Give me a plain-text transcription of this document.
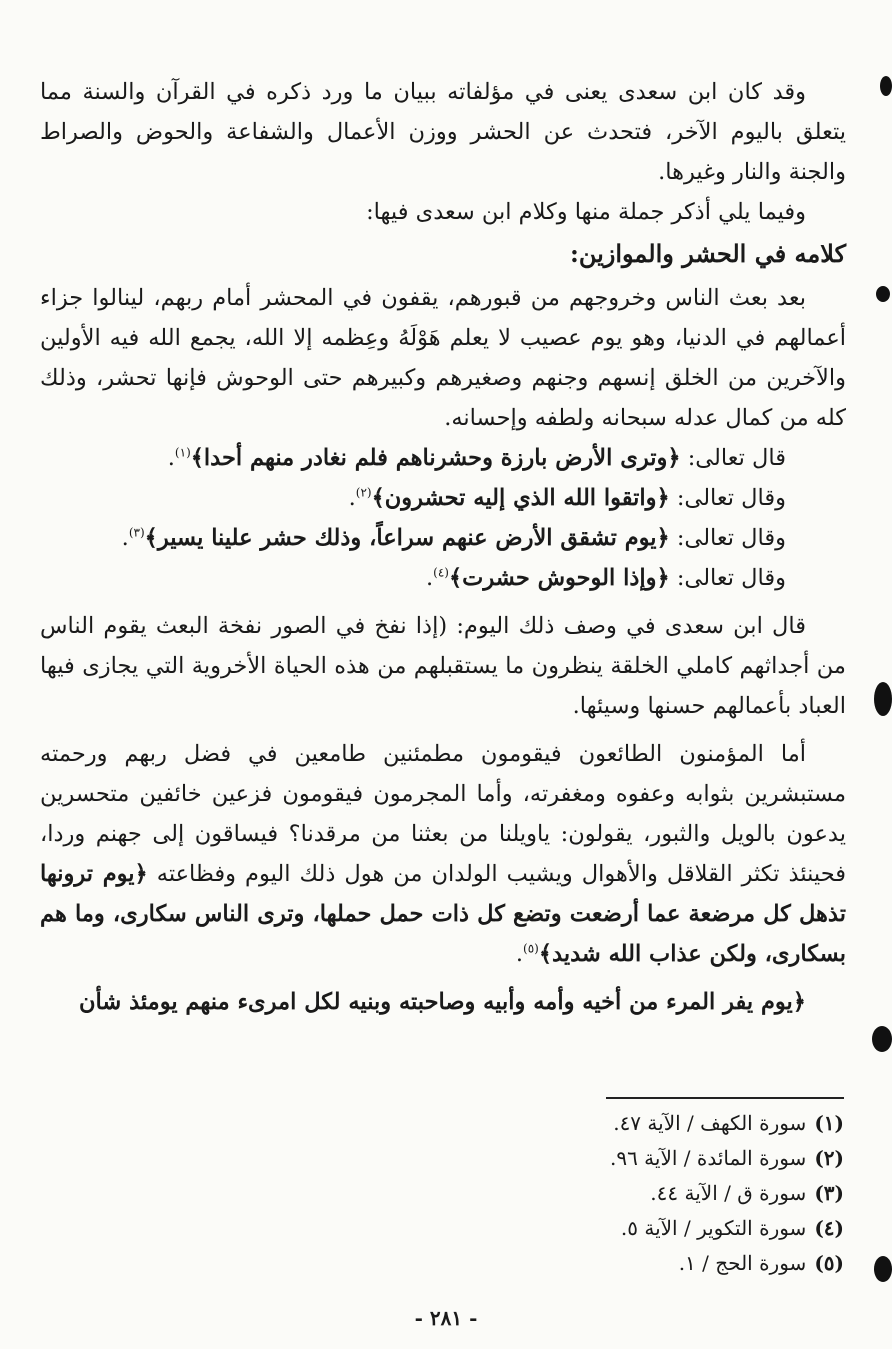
وقد كان ابن سعدى يعنى في مؤلفاته ببيان ما ورد ذكره في القرآن والسنة مما يتعلق باليوم الآخر، فتحدث عن الحشر ووزن الأعمال والشفاعة والحوض والصراط والجنة والنار وغيرها.

وفيما يلي أذكر جملة منها وكلام ابن سعدى فيها:

كلامه في الحشر والموازين:

بعد بعث الناس وخروجهم من قبورهم، يقفون في المحشر أمام ربهم، لينالوا جزاء أعمالهم في الدنيا، وهو يوم عصيب لا يعلم هَوْلَهُ وعِظمه إلا الله، يجمع الله فيه الأولين والآخرين من الخلق إنسهم وجنهم وصغيرهم وكبيرهم حتى الوحوش فإنها تحشر، وذلك كله من كمال عدله سبحانه ولطفه وإحسانه.

قال تعالى: ﴿وترى الأرض بارزة وحشرناهم فلم نغادر منهم أحدا﴾$^{(١)}$.

وقال تعالى: ﴿واتقوا الله الذي إليه تحشرون﴾$^{(٢)}$.

وقال تعالى: ﴿يوم تشقق الأرض عنهم سراعاً، وذلك حشر علينا يسير﴾$^{(٣)}$.

وقال تعالى: ﴿وإذا الوحوش حشرت﴾$^{(٤)}$.

قال ابن سعدى في وصف ذلك اليوم: (إذا نفخ في الصور نفخة البعث يقوم الناس من أجداثهم كاملي الخلقة ينظرون ما يستقبلهم من هذه الحياة الأخروية التي يجازى فيها العباد بأعمالهم حسنها وسيئها.

أما المؤمنون الطائعون فيقومون مطمئنين طامعين في فضل ربهم ورحمته مستبشرين بثوابه وعفوه ومغفرته، وأما المجرمون فيقومون فزعين خائفين متحسرين يدعون بالويل والثبور، يقولون: ياويلنا من بعثنا من مرقدنا؟ فيساقون إلى جهنم وردا، فحينئذ تكثر القلاقل والأهوال ويشيب الولدان من هول ذلك اليوم وفظاعته ﴿يوم ترونها تذهل كل مرضعة عما أرضعت وتضع كل ذات حمل حملها، وترى الناس سكارى، وما هم بسكارى، ولكن عذاب الله شديد﴾$^{(٥)}$.

﴿يوم يفر المرء من أخيه وأمه وأبيه وصاحبته وبنيه لكل امرىء منهم يومئذ شأن

(١)سورة الكهف / الآية ٤٧.
(٢)سورة المائدة / الآية ٩٦.
(٣)سورة ق / الآية ٤٤.
(٤)سورة التكوير / الآية ٥.
(٥)سورة الحج / ١.
- ٢٨١ -
